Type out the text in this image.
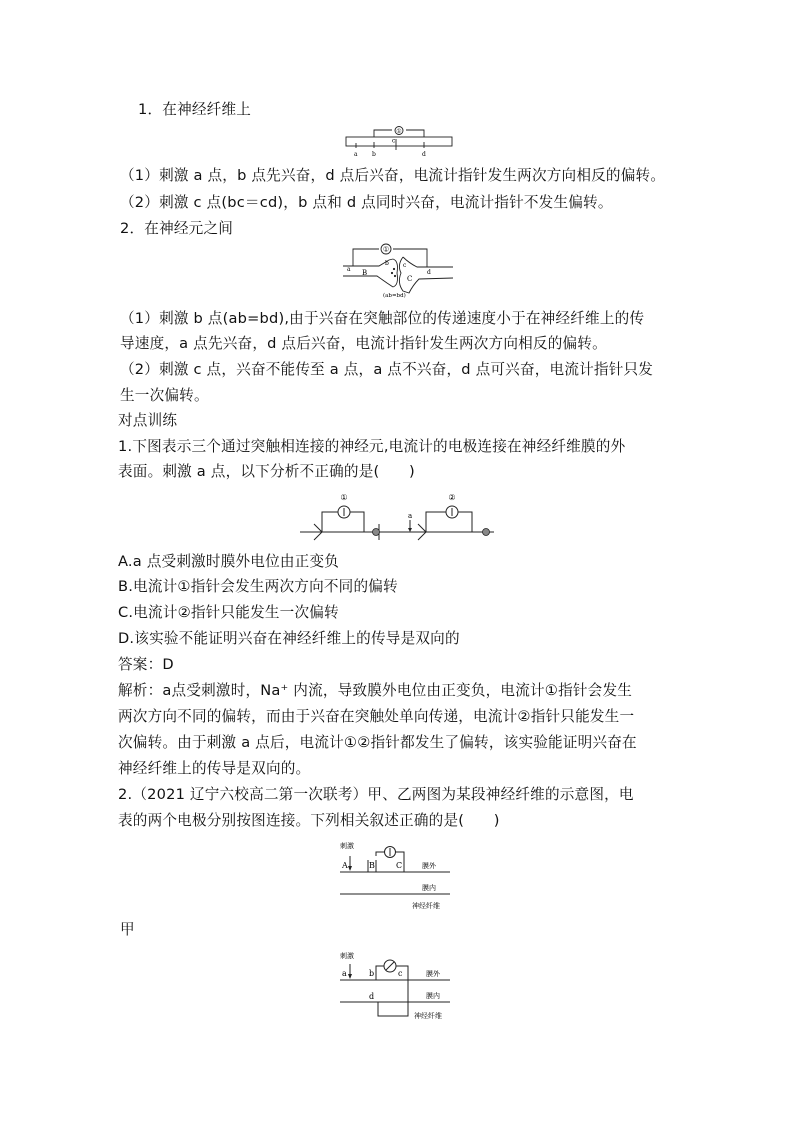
1．在神经纤维上
①
a b
c
d
（1）刺激 a 点，b 点先兴奋，d 点后兴奋，电流计指针发生两次方向相反的偏转。
（2）刺激 c 点(bc＝cd)，b 点和 d 点同时兴奋，电流计指针不发生偏转。
2．在神经元之间
①
a B
b c
C
d
(ab=bd)
（1）刺激 b 点(ab=bd),由于兴奋在突触部位的传递速度小于在神经纤维上的传
导速度，a 点先兴奋，d 点后兴奋，电流计指针发生两次方向相反的偏转。
（2）刺激 c 点，兴奋不能传至 a 点，a 点不兴奋，d 点可兴奋，电流计指针只发
生一次偏转。
对点训练
1.下图表示三个通过突触相连接的神经元,电流计的电极连接在神经纤维膜的外
表面。刺激 a 点，以下分析不正确的是(　　)
①	②
a
A.a 点受刺激时膜外电位由正变负
B.电流计①指针会发生两次方向不同的偏转
C.电流计②指针只能发生一次偏转
D.该实验不能证明兴奋在神经纤维上的传导是双向的
答案：D
解析：a点受刺激时，Na⁺ 内流，导致膜外电位由正变负，电流计①指针会发生
两次方向不同的偏转，而由于兴奋在突触处单向传递，电流计②指针只能发生一
次偏转。由于刺激 a 点后，电流计①②指针都发生了偏转，该实验能证明兴奋在
神经纤维上的传导是双向的。
2.（2021 辽宁六校高二第一次联考）甲、乙两图为某段神经纤维的示意图，电
表的两个电极分别按图连接。下列相关叙述正确的是(　　)
刺激
A	B	C	膜外
膜内
神经纤维
甲
刺激
a	b	c
d
膜外
膜内
神经纤维
